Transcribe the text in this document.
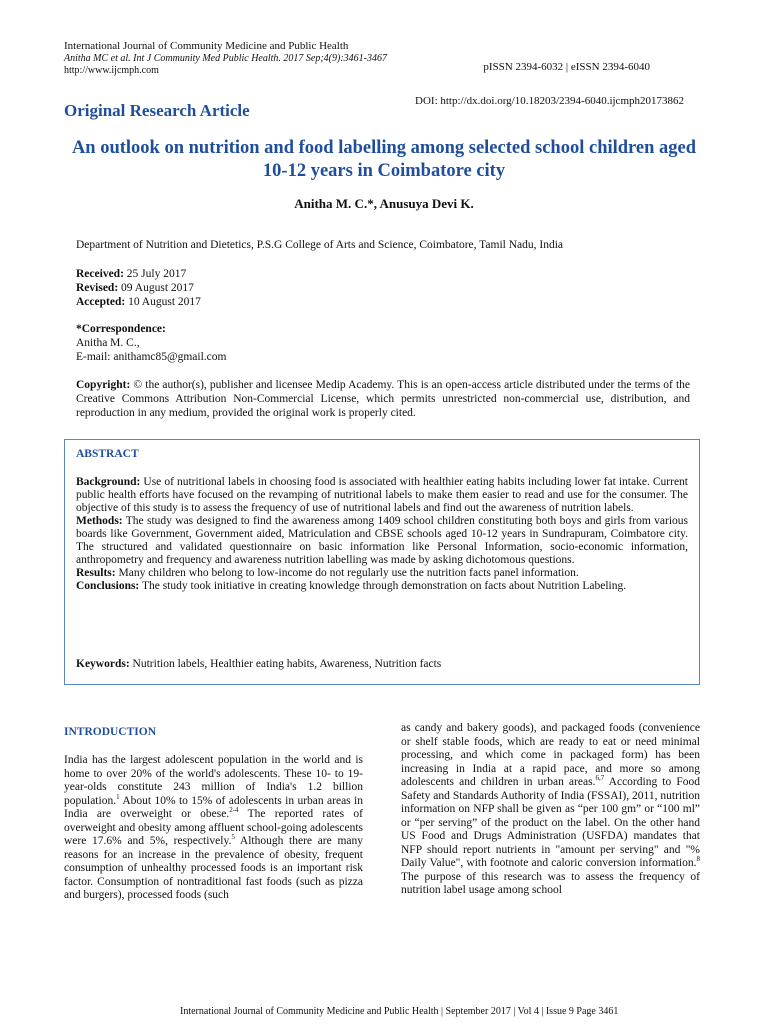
International Journal of Community Medicine and Public Health
Anitha MC et al. Int J Community Med Public Health. 2017 Sep;4(9):3461-3467
http://www.ijcmph.com	pISSN 2394-6032 | eISSN 2394-6040
Original Research Article	DOI: http://dx.doi.org/10.18203/2394-6040.ijcmph20173862
An outlook on nutrition and food labelling among selected school children aged 10-12 years in Coimbatore city
Anitha M. C.*, Anusuya Devi K.
Department of Nutrition and Dietetics, P.S.G College of Arts and Science, Coimbatore, Tamil Nadu, India
Received: 25 July 2017
Revised: 09 August 2017
Accepted: 10 August 2017
*Correspondence:
Anitha M. C.,
E-mail: anithamc85@gmail.com
Copyright: © the author(s), publisher and licensee Medip Academy. This is an open-access article distributed under the terms of the Creative Commons Attribution Non-Commercial License, which permits unrestricted non-commercial use, distribution, and reproduction in any medium, provided the original work is properly cited.
ABSTRACT

Background: Use of nutritional labels in choosing food is associated with healthier eating habits including lower fat intake. Current public health efforts have focused on the revamping of nutritional labels to make them easier to read and use for the consumer. The objective of this study is to assess the frequency of use of nutritional labels and find out the awareness of nutrition labels.

Methods: The study was designed to find the awareness among 1409 school children constituting both boys and girls from various boards like Government, Government aided, Matriculation and CBSE schools aged 10-12 years in Sundrapuram, Coimbatore city. The structured and validated questionnaire on basic information like Personal Information, socio-economic information, anthropometry and frequency and awareness nutrition labelling was made by asking dichotomous questions.

Results: Many children who belong to low-income do not regularly use the nutrition facts panel information.

Conclusions: The study took initiative in creating knowledge through demonstration on facts about Nutrition Labeling.

Keywords: Nutrition labels, Healthier eating habits, Awareness, Nutrition facts
INTRODUCTION
India has the largest adolescent population in the world and is home to over 20% of the world's adolescents. These 10- to 19-year-olds constitute 243 million of India's 1.2 billion population.$^1$ About 10% to 15% of adolescents in urban areas in India are overweight or obese.$^{2-4}$ The reported rates of overweight and obesity among affluent school-going adolescents were 17.6% and 5%, respectively.$^5$ Although there are many reasons for an increase in the prevalence of obesity, frequent consumption of unhealthy processed foods is an important risk factor. Consumption of nontraditional fast foods (such as pizza and burgers), processed foods (such
as candy and bakery goods), and packaged foods (convenience or shelf stable foods, which are ready to eat or need minimal processing, and which come in packaged form) has been increasing in India at a rapid pace, and more so among adolescents and children in urban areas.$^{6,7}$ According to Food Safety and Standards Authority of India (FSSAI), 2011, nutrition information on NFP shall be given as “per 100 gm” or “100 ml” or “per serving” of the product on the label. On the other hand US Food and Drugs Administration (USFDA) mandates that NFP should report nutrients in "amount per serving" and "% Daily Value", with footnote and caloric conversion information.$^8$ The purpose of this research was to assess the frequency of nutrition label usage among school
International Journal of Community Medicine and Public Health | September 2017 | Vol 4 | Issue 9 Page 3461
